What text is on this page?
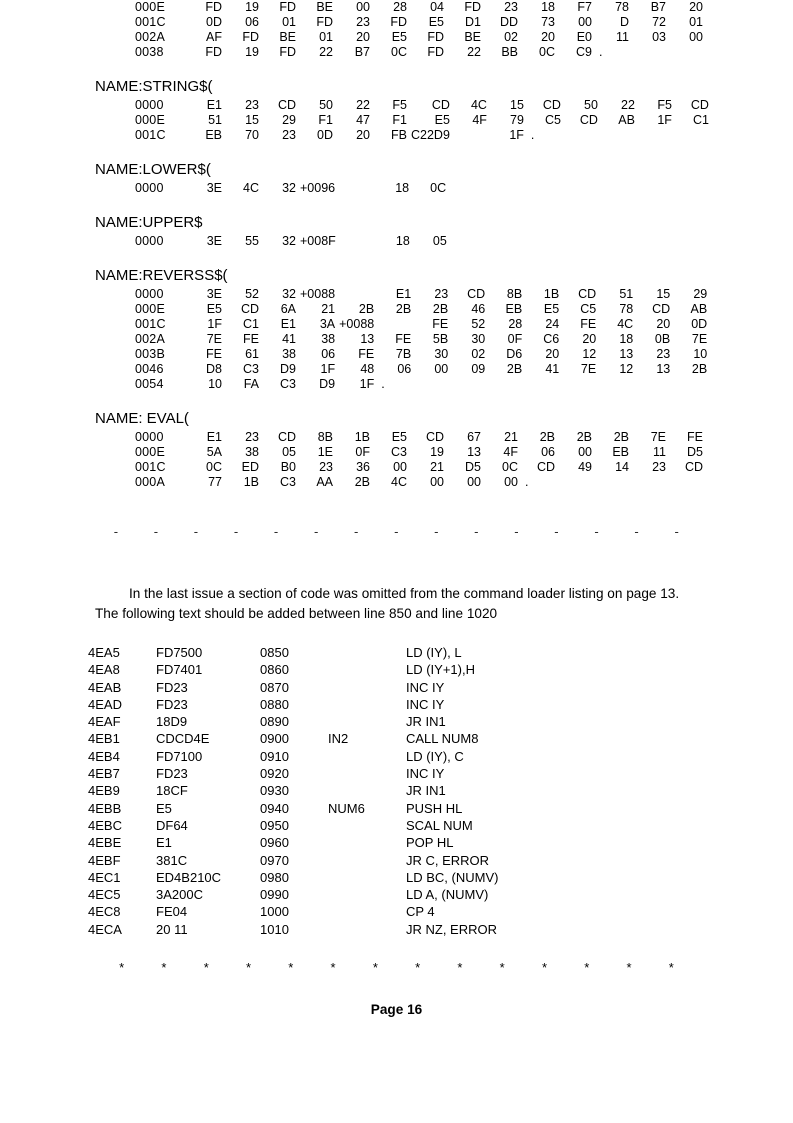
000E	FD	19	FD	BE	00	28	04	FD	23	18	F7	78	B7	20
001C	0D	06	01	FD	23	FD	E5	D1	DD	73	00	D	72	01
002A	AF	FD	BE	01	20	E5	FD	BE	02	20	E0	11	03	00
0038	FD	19	FD	22	B7	0C	FD	22	BB	0C	C9	.		
NAME:STRING$(
0000	E1	23	CD	50	22	F5	CD	4C	15	CD	50	22	F5	CD
000E	51	15	29	F1	47	F1	E5	4F	79	C5	CD	AB	1F	C1
001C	EB	70	23	0D	20	FB	C22D9		1F	.				
NAME:LOWER$(
0000	3E	4C	32	+0096		18	0C
NAME:UPPER$
0000	3E	55	32	+008F		18	05
NAME:REVERSS$(
0000	3E	52	32	+0088		E1	23	CD	8B	1B	CD	51	15	29
000E	E5	CD	6A	21	2B	2B	2B	46	EB	E5	C5	78	CD	AB
001C	1F	C1	E1	3A	+0088		FE	52	28	24	FE	4C	20	0D
002A	7E	FE	41	38	13	FE	5B	30	0F	C6	20	18	0B	7E
003B	FE	61	38	06	FE	7B	30	02	D6	20	12	13	23	10
0046	D8	C3	D9	1F	48	06	00	09	2B	41	7E	12	13	2B
0054	10	FA	C3	D9	1F	.								
NAME: EVAL(
0000	E1	23	CD	8B	1B	E5	CD	67	21	2B	2B	2B	7E	FE
000E	5A	38	05	1E	0F	C3	19	13	4F	06	00	EB	11	D5
001C	0C	ED	B0	23	36	00	21	D5	0C	CD	49	14	23	CD
000A	77	1B	C3	AA	2B	4C	00	00	00	.				
-  -  -  -  -  -  -  -  -  -  -  -  -  -  -
In the last issue a section of code was omitted from the command loader listing on page 13. The following text should be added between line 850 and line 1020
4EA5	FD7500	0850		LD (IY), L
4EA8	FD7401	0860		LD (IY+1),H
4EAB	FD23	0870		INC IY
4EAD	FD23	0880		INC IY
4EAF	18D9	0890		JR IN1
4EB1	CDCD4E	0900	IN2	CALL NUM8
4EB4	FD7100	0910		LD (IY), C
4EB7	FD23	0920		INC IY
4EB9	18CF	0930		JR IN1
4EBB	E5	0940	NUM6	PUSH HL
4EBC	DF64	0950		SCAL NUM
4EBE	E1	0960		POP HL
4EBF	381C	0970		JR C, ERROR
4EC1	ED4B210C	0980		LD BC, (NUMV)
4EC5	3A200C	0990		LD A, (NUMV)
4EC8	FE04	1000		CP 4
4ECA	20 11	1010		JR NZ, ERROR
*  *  *  *  *  *  *  *  *  *  *  *  *  *
Page 16
